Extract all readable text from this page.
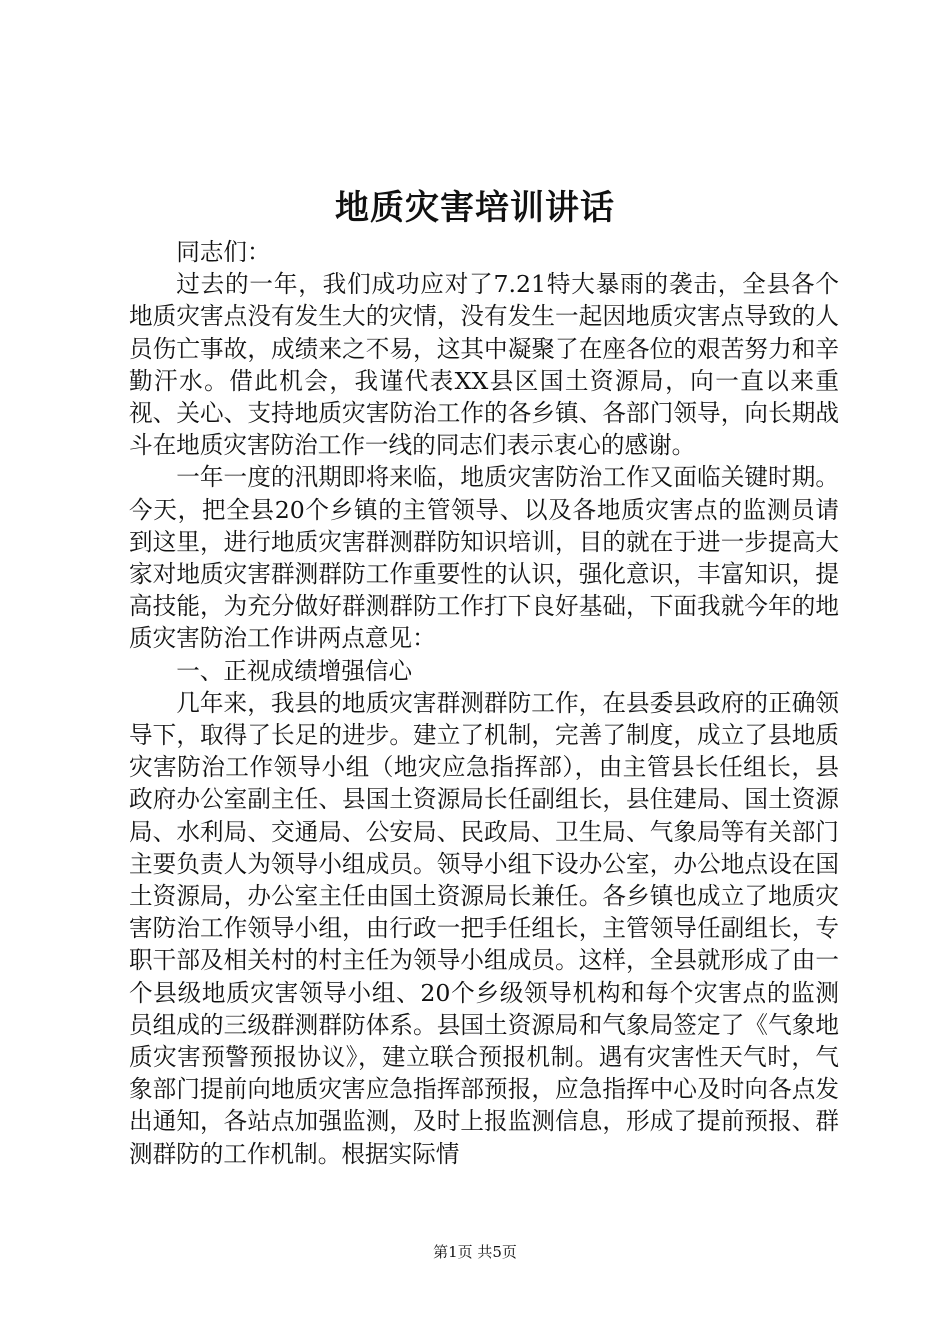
地质灾害培训讲话

同志们：

过去的一年，我们成功应对了7.21特大暴雨的袭击，全县各个地质灾害点没有发生大的灾情，没有发生一起因地质灾害点导致的人员伤亡事故，成绩来之不易，这其中凝聚了在座各位的艰苦努力和辛勤汗水。借此机会，我谨代表XX县区国土资源局，向一直以来重视、关心、支持地质灾害防治工作的各乡镇、各部门领导，向长期战斗在地质灾害防治工作一线的同志们表示衷心的感谢。

一年一度的汛期即将来临，地质灾害防治工作又面临关键时期。今天，把全县20个乡镇的主管领导、以及各地质灾害点的监测员请到这里，进行地质灾害群测群防知识培训，目的就在于进一步提高大家对地质灾害群测群防工作重要性的认识，强化意识，丰富知识，提高技能，为充分做好群测群防工作打下良好基础，下面我就今年的地质灾害防治工作讲两点意见：

一、正视成绩增强信心

几年来，我县的地质灾害群测群防工作，在县委县政府的正确领导下，取得了长足的进步。建立了机制，完善了制度，成立了县地质灾害防治工作领导小组（地灾应急指挥部），由主管县长任组长，县政府办公室副主任、县国土资源局长任副组长，县住建局、国土资源局、水利局、交通局、公安局、民政局、卫生局、气象局等有关部门主要负责人为领导小组成员。领导小组下设办公室，办公地点设在国土资源局，办公室主任由国土资源局长兼任。各乡镇也成立了地质灾害防治工作领导小组，由行政一把手任组长，主管领导任副组长，专职干部及相关村的村主任为领导小组成员。这样，全县就形成了由一个县级地质灾害领导小组、20个乡级领导机构和每个灾害点的监测员组成的三级群测群防体系。县国土资源局和气象局签定了《气象地质灾害预警预报协议》，建立联合预报机制。遇有灾害性天气时，气象部门提前向地质灾害应急指挥部预报，应急指挥中心及时向各点发出通知，各站点加强监测，及时上报监测信息，形成了提前预报、群测群防的工作机制。根据实际情

第1页 共5页
